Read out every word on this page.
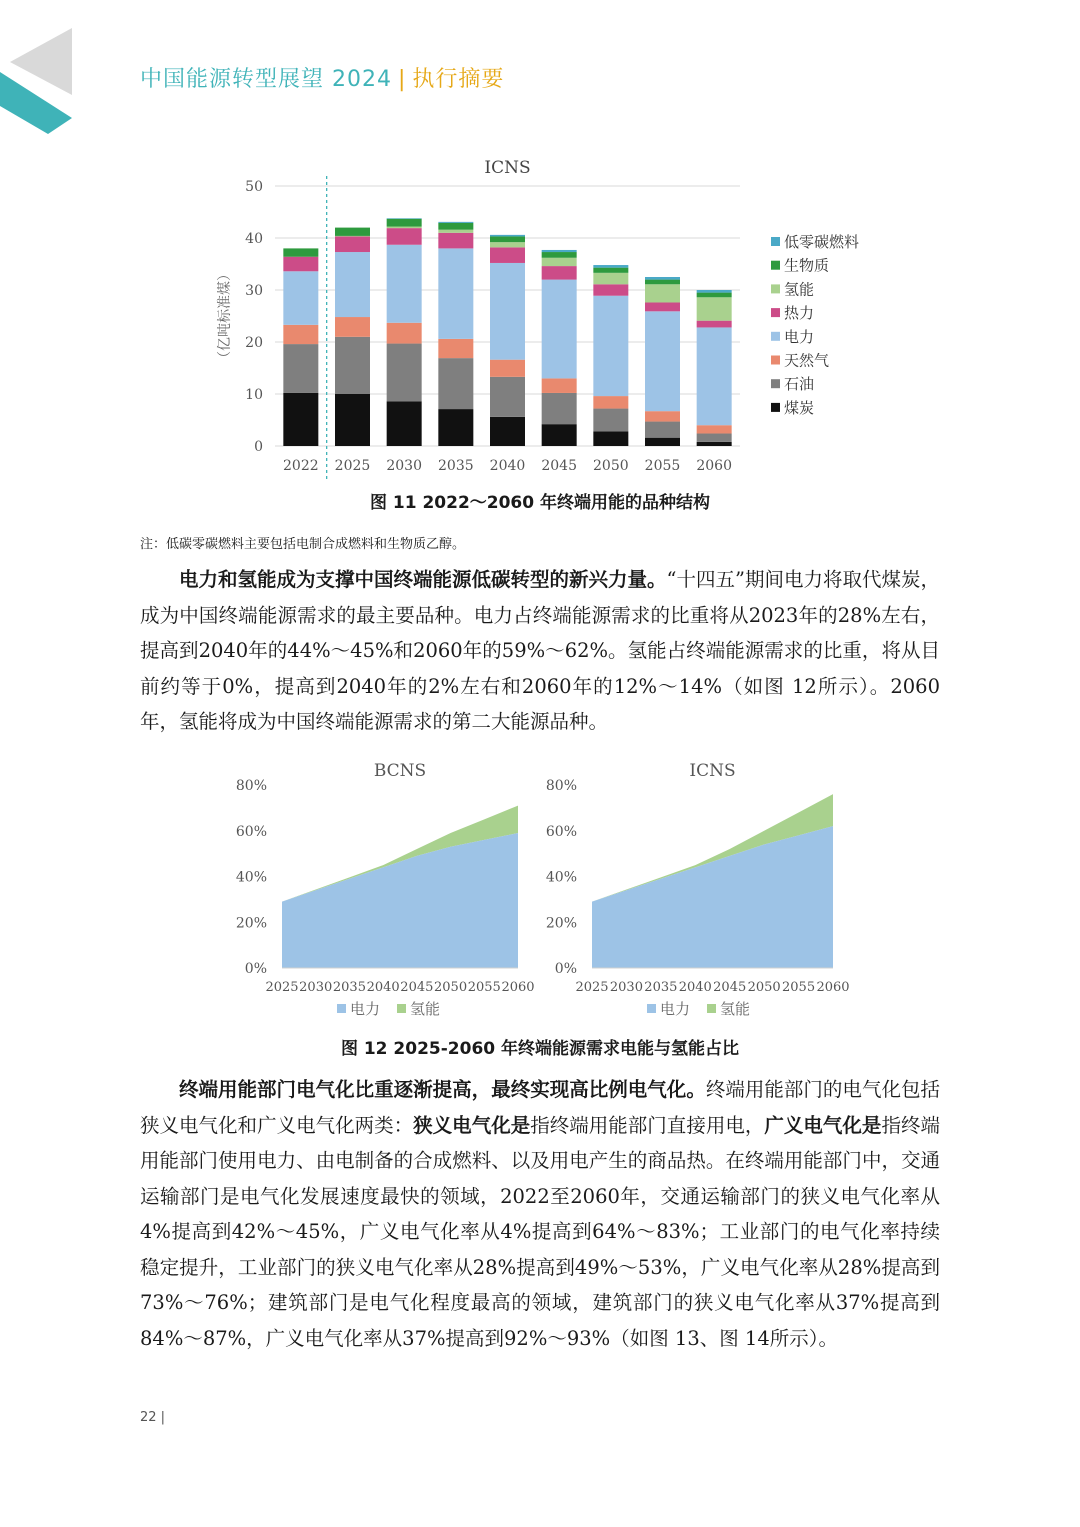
中国能源转型展望 2024 | 执行摘要
ICNS
0
10
20
30
40
50
（亿吨标准煤）
2022 2025 2030 2035 2040 2045 2050 2055 2060
低零碳燃料
生物质
氢能
热力
电力
天然气
石油
煤炭
图 11 2022～2060 年终端用能的品种结构
注：低碳零碳燃料主要包括电制合成燃料和生物质乙醇。

电力和氢能成为支撑中国终端能源低碳转型的新兴力量。“十四五”期间电力将取代煤炭，成为中国终端能源需求的最主要品种。电力占终端能源需求的比重将从2023年的28%左右，提高到2040年的44%～45%和2060年的59%～62%。氢能占终端能源需求的比重，将从目前约等于0%，提高到2040年的2%左右和2060年的12%～14%（如图 12所示）。2060年，氢能将成为中国终端能源需求的第二大能源品种。

BCNS
0%
20%
40%
60%
80%
2025 2030 2035 2040 2045 2050 2055 2060
电力 氢能
ICNS
0%
20%
40%
60%
80%
2025 2030 2035 2040 2045 2050 2055 2060
电力 氢能
图 12 2025-2060 年终端能源需求电能与氢能占比

终端用能部门电气化比重逐渐提高，最终实现高比例电气化。终端用能部门的电气化包括狭义电气化和广义电气化两类：狭义电气化是指终端用能部门直接用电，广义电气化是指终端用能部门使用电力、由电制备的合成燃料、以及用电产生的商品热。在终端用能部门中，交通运输部门是电气化发展速度最快的领域，2022至2060年，交通运输部门的狭义电气化率从4%提高到42%～45%，广义电气化率从4%提高到64%～83%；工业部门的电气化率持续稳定提升，工业部门的狭义电气化率从28%提高到49%～53%，广义电气化率从28%提高到73%～76%；建筑部门是电气化程度最高的领域，建筑部门的狭义电气化率从37%提高到84%～87%，广义电气化率从37%提高到92%～93%（如图 13、图 14所示）。

22 |
